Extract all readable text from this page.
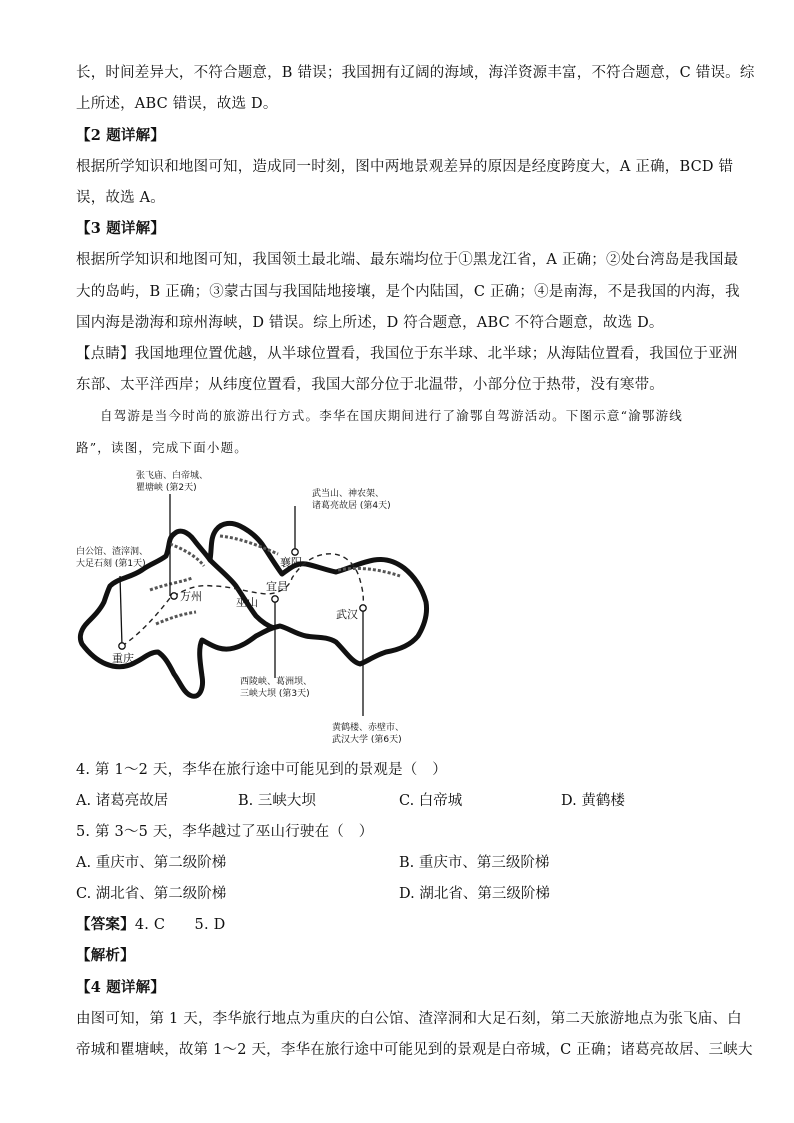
长，时间差异大，不符合题意，B 错误；我国拥有辽阔的海域，海洋资源丰富，不符合题意，C 错误。综
上所述，ABC 错误，故选 D。
【2 题详解】
根据所学知识和地图可知，造成同一时刻，图中两地景观差异的原因是经度跨度大，A 正确，BCD 错
误，故选 A。
【3 题详解】
根据所学知识和地图可知，我国领土最北端、最东端均位于①黑龙江省，A 正确；②处台湾岛是我国最
大的岛屿，B 正确；③蒙古国与我国陆地接壤，是个内陆国，C 正确；④是南海，不是我国的内海，我
国内海是渤海和琼州海峡，D 错误。综上所述，D 符合题意，ABC 不符合题意，故选 D。
【点睛】我国地理位置优越，从半球位置看，我国位于东半球、北半球；从海陆位置看，我国位于亚洲
东部、太平洋西岸；从纬度位置看，我国大部分位于北温带，小部分位于热带，没有寒带。
自驾游是当今时尚的旅游出行方式。李华在国庆期间进行了渝鄂自驾游活动。下图示意“渝鄂游线
路”，读图，完成下面小题。
重庆
万州	巫山
宜昌
襄阳
武汉
张飞庙、白帝城、
瞿塘峡 (第2天)
白公馆、渣滓洞、
大足石刻 (第1天)
武当山、神农架、
诸葛亮故居 (第4天)
西陵峡、葛洲坝、
三峡大坝 (第3天)
黄鹤楼、赤壁市、
武汉大学 (第6天)
4. 第 1～2 天，李华在旅行途中可能见到的景观是（　）
A. 诸葛亮故居	B. 三峡大坝	C. 白帝城	D. 黄鹤楼
5. 第 3～5 天，李华越过了巫山行驶在（　）
A. 重庆市、第二级阶梯	B. 重庆市、第三级阶梯
C. 湖北省、第二级阶梯	D. 湖北省、第三级阶梯
【答案】4. C　　5. D
【解析】
【4 题详解】
由图可知，第 1 天，李华旅行地点为重庆的白公馆、渣滓洞和大足石刻，第二天旅游地点为张飞庙、白
帝城和瞿塘峡，故第 1～2 天，李华在旅行途中可能见到的景观是白帝城，C 正确；诸葛亮故居、三峡大
